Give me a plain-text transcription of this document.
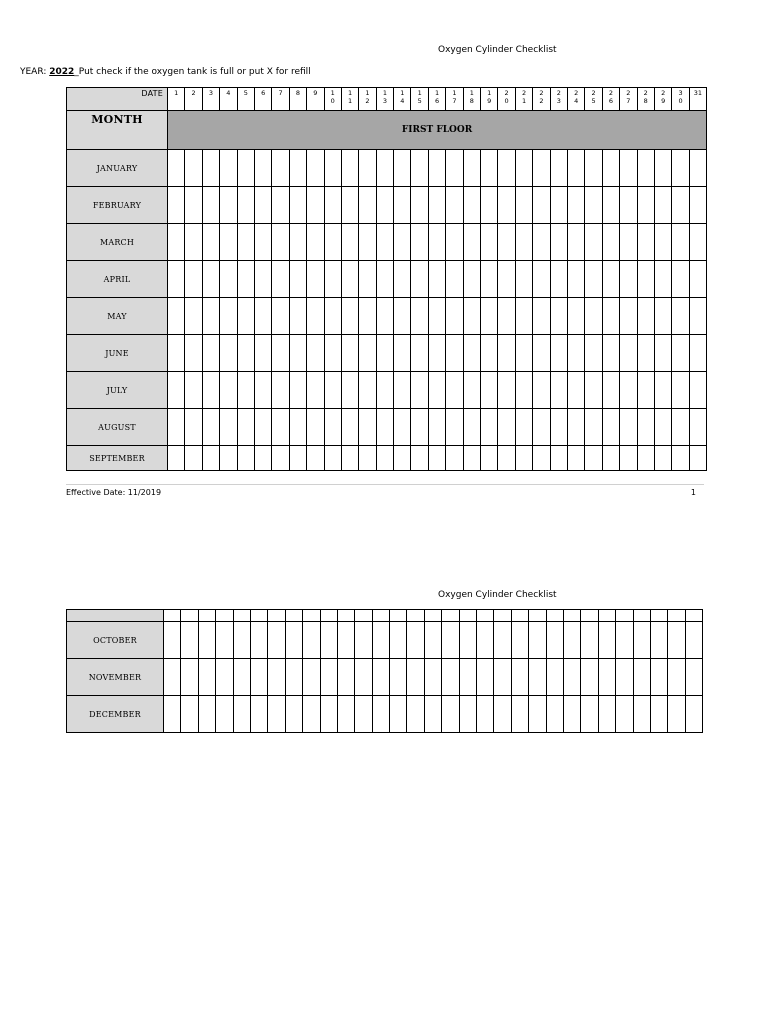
Oxygen Cylinder Checklist
YEAR: 2022_Put check if the oxygen tank is full or put X for refill
DATE	1	2	3	4	5	6	7	8	9	1 0	1 1	1 2	1 3	1 4	1 5	1 6	1 7	1 8	1 9	2 0	2 1	2 2	2 3	2 4	2 5	2 6	2 7	2 8	2 9	3 0	31
MONTH	FIRST FLOOR																														
JANUARY																															
FEBRUARY																															
MARCH																															
APRIL																															
MAY																															
JUNE																															
JULY																															
AUGUST																															
SEPTEMBER																															
Effective Date: 11/2019	1
Oxygen Cylinder Checklist

OCTOBER																															
NOVEMBER																															
DECEMBER																															
